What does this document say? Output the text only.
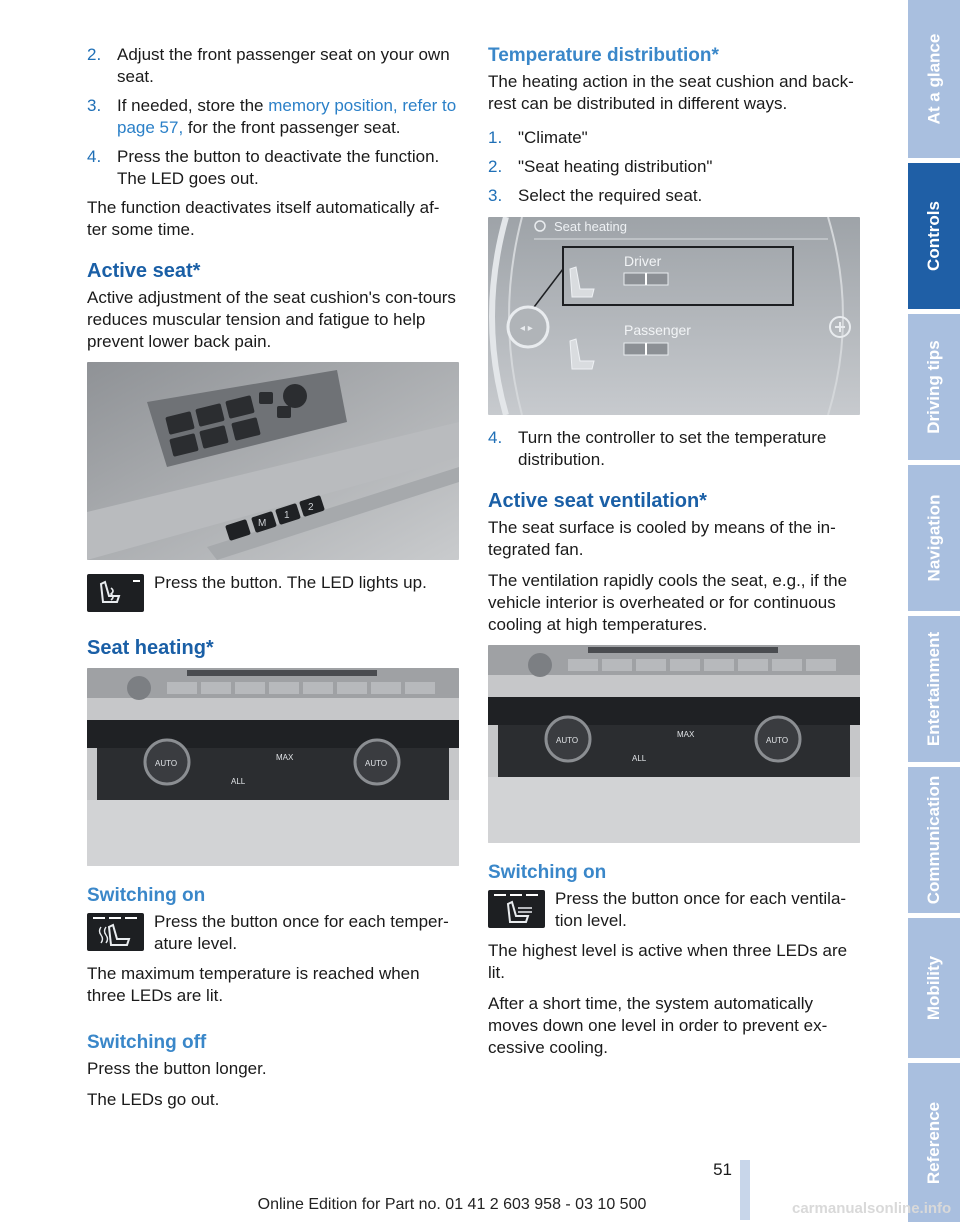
2. Adjust the front passenger seat on your own seat.
3. If needed, store the memory position, refer to page 57, for the front passenger seat.
4. Press the button to deactivate the function. The LED goes out.

The function deactivates itself automatically af-ter some time.

Active seat*

Active adjustment of the seat cushion's con-tours reduces muscular tension and fatigue to help prevent lower back pain.

M
1
2

Press the button. The LED lights up.

Seat heating*
AUTO	AUTO
MAX
ALL
Switching on

Press the button once for each temper-ature level.

The maximum temperature is reached when three LEDs are lit.

Switching off

Press the button longer.

The LEDs go out.

Temperature distribution*

The heating action in the seat cushion and back-rest can be distributed in different ways.

1. "Climate"
2. "Seat heating distribution"
3. Select the required seat.
Seat heating
◂ ▸
Driver
Passenger
4. Turn the controller to set the temperature distribution.
Active seat ventilation*

The seat surface is cooled by means of the in-tegrated fan.

The ventilation rapidly cools the seat, e.g., if the vehicle interior is overheated or for continuous cooling at high temperatures.

AUTO	AUTO
MAX
ALL
Switching on

Press the button once for each ventila-tion level.

The highest level is active when three LEDs are lit.

After a short time, the system automatically moves down one level in order to prevent ex-cessive cooling.

At a glance
Controls
Driving tips
Navigation
Entertainment
Communication
Mobility
Reference
51
Online Edition for Part no. 01 41 2 603 958 - 03 10 500	carmanualsonline.info
